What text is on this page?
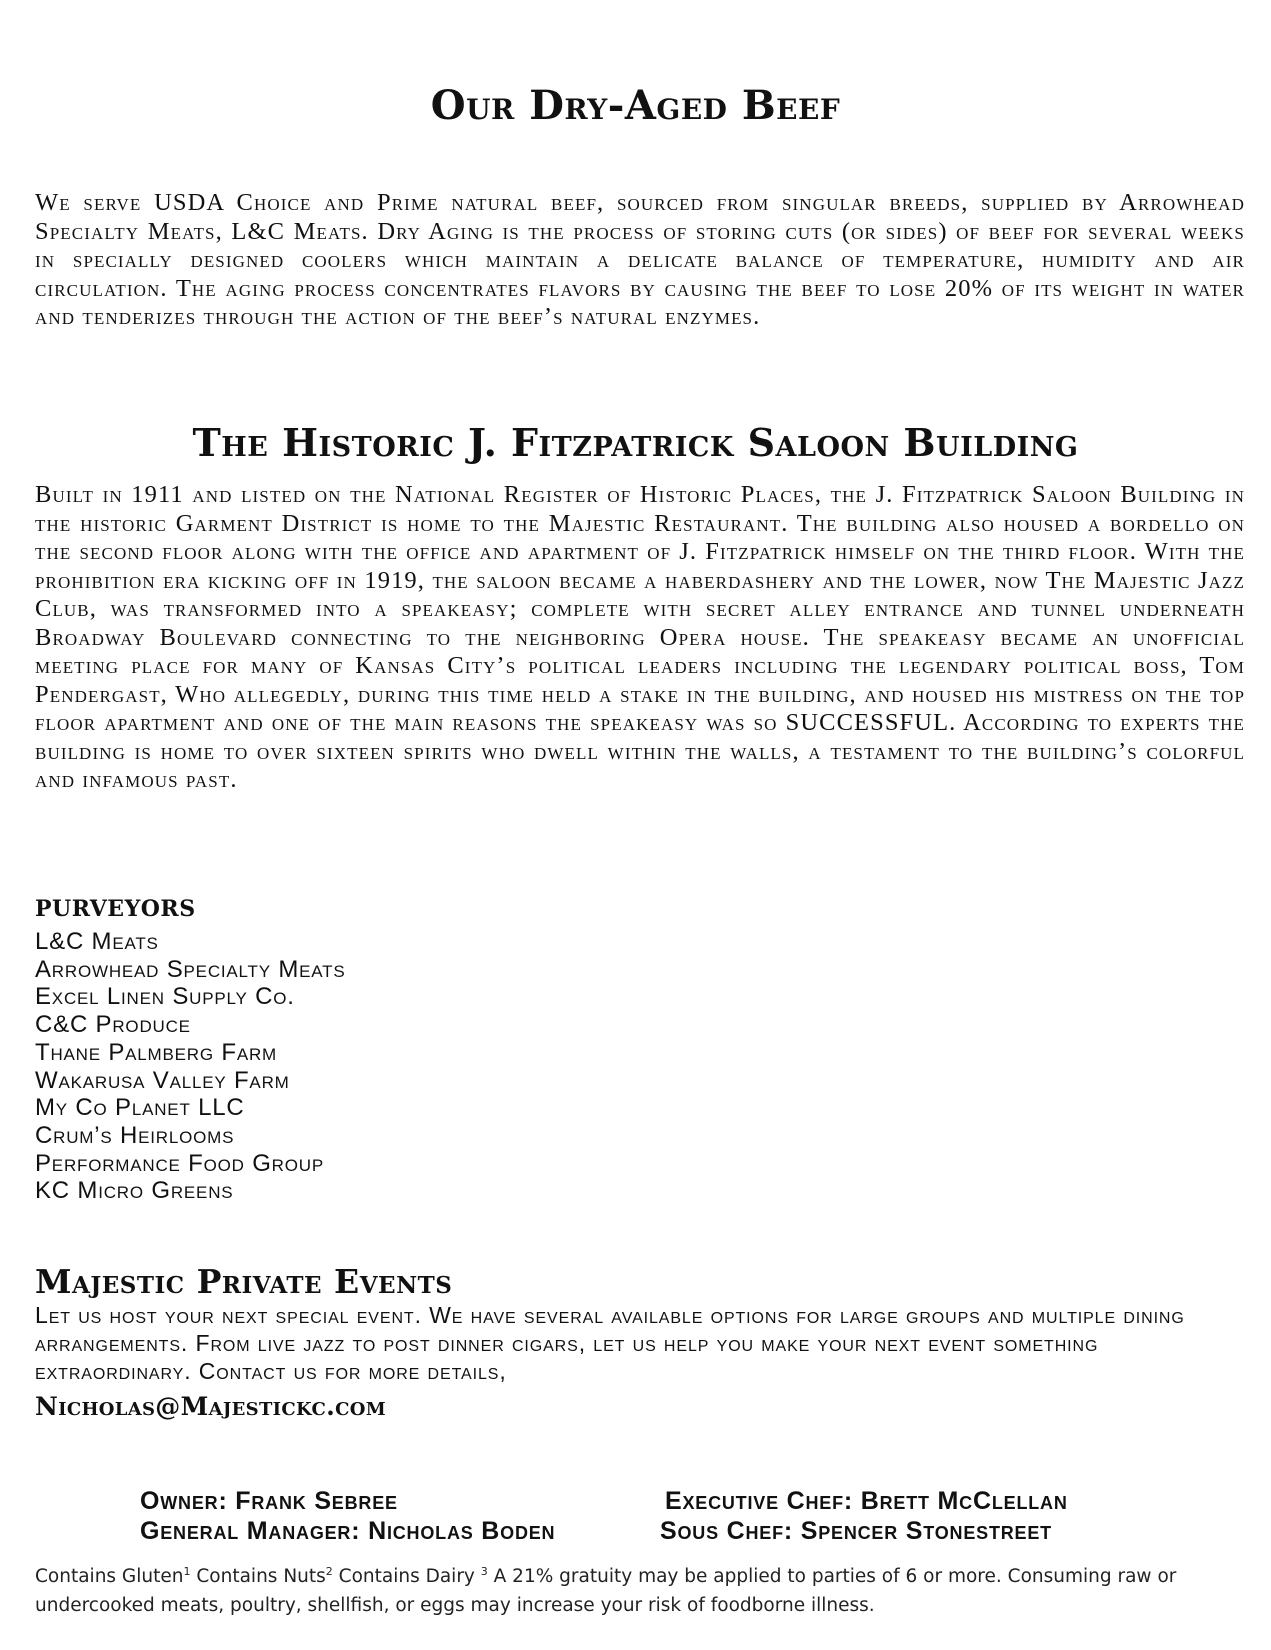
Our Dry-Aged Beef

We serve USDA Choice and Prime natural beef, sourced from singular breeds, supplied by Arrowhead Specialty Meats, L&C Meats. Dry Aging is the process of storing cuts (or sides) of beef for several weeks in specially designed coolers which maintain a delicate balance of temperature, humidity and air circulation. The aging process concentrates flavors by causing the beef to lose 20% of its weight in water and tenderizes through the action of the beef’s natural enzymes.

The Historic J. Fitzpatrick Saloon Building

Built in 1911 and listed on the National Register of Historic Places, the J. Fitzpatrick Saloon Building in the historic Garment District is home to the Majestic Restaurant. The building also housed a bordello on the second floor along with the office and apartment of J. Fitzpatrick himself on the third floor. With the prohibition era kicking off in 1919, the saloon became a haberdashery and the lower, now The Majestic Jazz Club, was transformed into a speakeasy; complete with secret alley entrance and tunnel underneath Broadway Boulevard connecting to the neighboring Opera house. The speakeasy became an unofficial meeting place for many of Kansas City’s political leaders including the legendary political boss, Tom Pendergast, Who allegedly, during this time held a stake in the building, and housed his mistress on the top floor apartment and one of the main reasons the speakeasy was so SUCCESSFUL. According to experts the building is home to over sixteen spirits who dwell within the walls, a testament to the building’s colorful and infamous past.

purveyors
L&C Meats
Arrowhead Specialty Meats
Excel Linen Supply Co.
C&C Produce
Thane Palmberg Farm
Wakarusa Valley Farm
My Co Planet LLC
Crum’s Heirlooms
Performance Food Group
KC Micro Greens
Majestic Private Events

Let us host your next special event. We have several available options for large groups and multiple dining arrangements. From live jazz to post dinner cigars, let us help you make your next event something extraordinary. Contact us for more details,

Nicholas@Majestickc.com

Owner: Frank Sebree

General Manager: Nicholas Boden

Executive Chef: Brett McClellan

Sous Chef: Spencer Stonestreet

Contains Gluten$^1$ Contains Nuts$^2$ Contains Dairy $^3$ A 21% gratuity may be applied to parties of 6 or more. Consuming raw or undercooked meats, poultry, shellfish, or eggs may increase your risk of foodborne illness.
